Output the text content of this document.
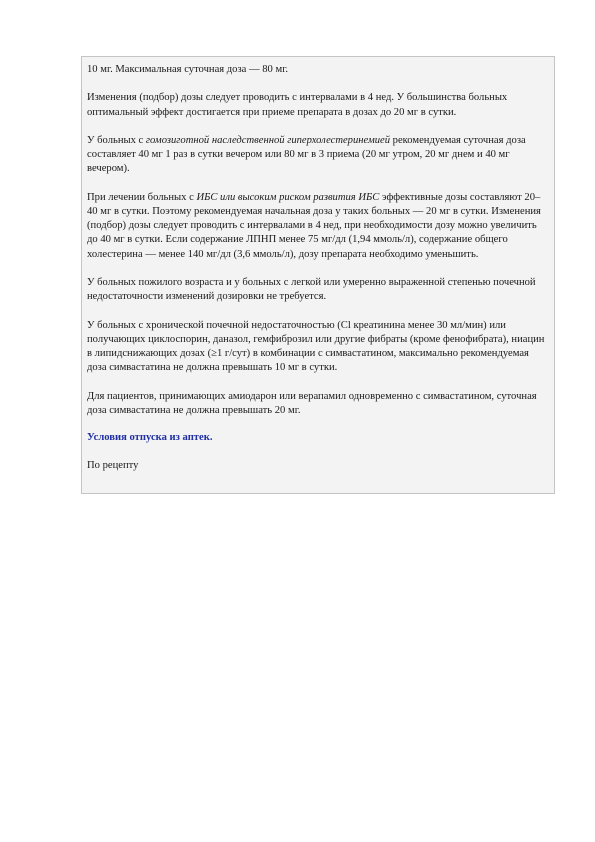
10 мг. Максимальная суточная доза — 80 мг.

Изменения (подбор) дозы следует проводить с интервалами в 4 нед. У большинства больных оптимальный эффект достигается при приеме препарата в дозах до 20 мг в сутки.

У больных с гомозиготной наследственной гиперхолестеринемией рекомендуемая суточная доза составляет 40 мг 1 раз в сутки вечером или 80 мг в 3 приема (20 мг утром, 20 мг днем и 40 мг вечером).

При лечении больных с ИБС или высоким риском развития ИБС эффективные дозы составляют 20–40 мг в сутки. Поэтому рекомендуемая начальная доза у таких больных — 20 мг в сутки. Изменения (подбор) дозы следует проводить с интервалами в 4 нед, при необходимости дозу можно увеличить до 40 мг в сутки. Если содержание ЛПНП менее 75 мг/дл (1,94 ммоль/л), содержание общего холестерина — менее 140 мг/дл (3,6 ммоль/л), дозу препарата необходимо уменьшить.

У больных пожилого возраста и у больных с легкой или умеренно выраженной степенью почечной недостаточности изменений дозировки не требуется.

У больных с хронической почечной недостаточностью (Cl креатинина менее 30 мл/мин) или получающих циклоспорин, даназол, гемфиброзил или другие фибраты (кроме фенофибрата), ниацин в липидснижающих дозах (≥1 г/сут) в комбинации с симвастатином, максимально рекомендуемая доза симвастатина не должна превышать 10 мг в сутки.

Для пациентов, принимающих амиодарон или верапамил одновременно с симвастатином, суточная доза симвастатина не должна превышать 20 мг.

Условия отпуска из аптек.

По рецепту
